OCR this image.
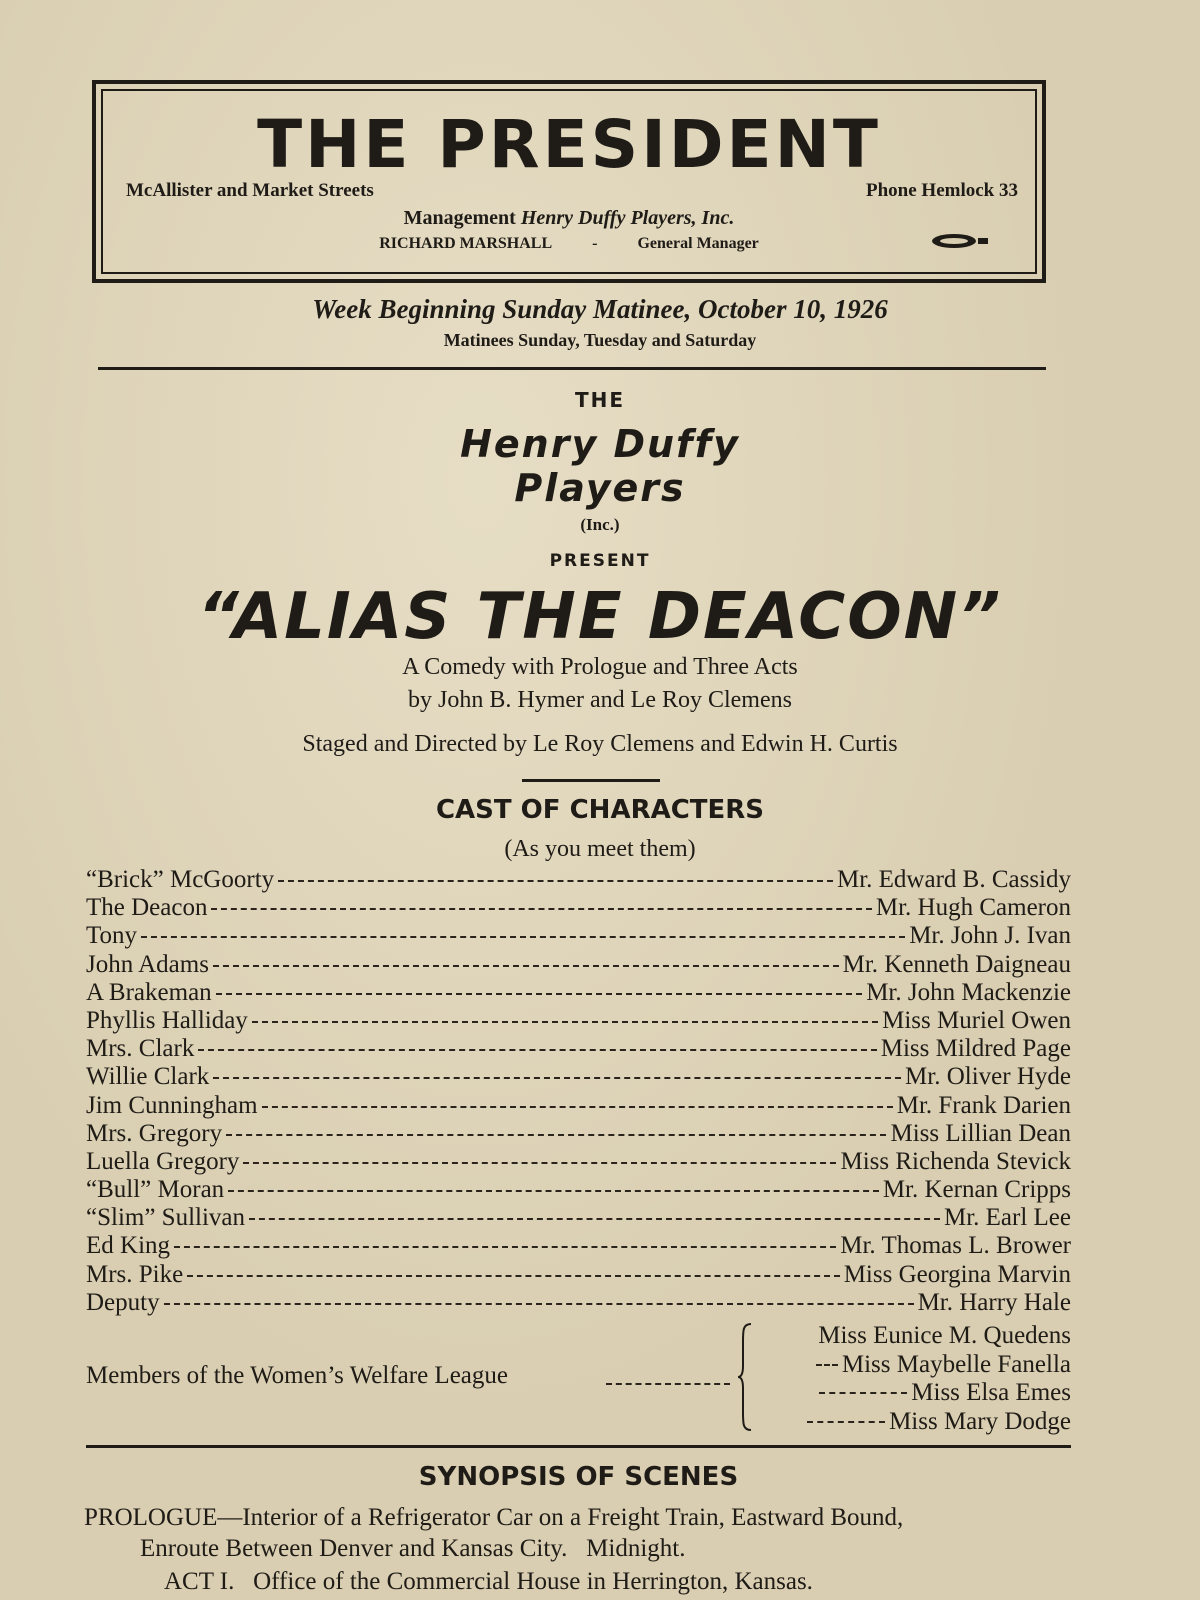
THE PRESIDENT
McAllister and Market Streets	Phone Hemlock 33
Management Henry Duffy Players, Inc.
RICHARD MARSHALL	-	General Manager
Week Beginning Sunday Matinee, October 10, 1926
Matinees Sunday, Tuesday and Saturday
THE
Henry Duffy
Players
(Inc.)
PRESENT
“ALIAS THE DEACON”
A Comedy with Prologue and Three Acts
by John B. Hymer and Le Roy Clemens
Staged and Directed by Le Roy Clemens and Edwin H. Curtis
CAST OF CHARACTERS
(As you meet them)
“Brick” McGoorty	Mr. Edward B. Cassidy
The Deacon	Mr. Hugh Cameron
Tony	Mr. John J. Ivan
John Adams	Mr. Kenneth Daigneau
A Brakeman	Mr. John Mackenzie
Phyllis Halliday	Miss Muriel Owen
Mrs. Clark	Miss Mildred Page
Willie Clark	Mr. Oliver Hyde
Jim Cunningham	Mr. Frank Darien
Mrs. Gregory	Miss Lillian Dean
Luella Gregory	Miss Richenda Stevick
“Bull” Moran	Mr. Kernan Cripps
“Slim” Sullivan	Mr. Earl Lee
Ed King	Mr. Thomas L. Brower
Mrs. Pike	Miss Georgina Marvin
Deputy	Mr. Harry Hale
Members of the Women’s Welfare League
Miss Eunice M. Quedens
Miss Maybelle Fanella
Miss Elsa Emes
Miss Mary Dodge
SYNOPSIS OF SCENES
PROLOGUE—Interior of a Refrigerator Car on a Freight Train, Eastward Bound,
Enroute Between Denver and Kansas City.   Midnight.
ACT I.   Office of the Commercial House in Herrington, Kansas.
